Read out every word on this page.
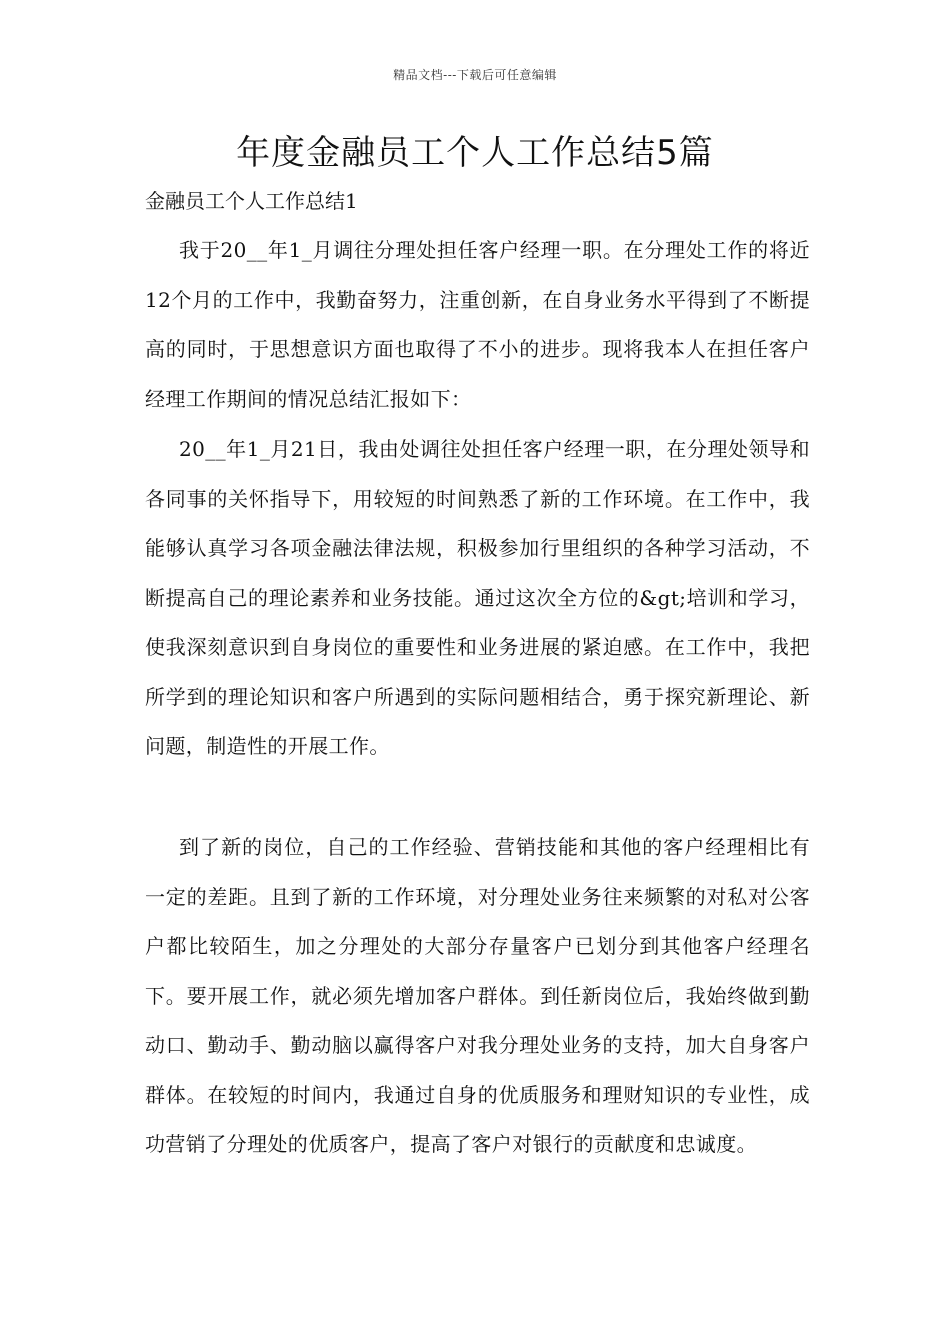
精品文档---下载后可任意编辑
年度金融员工个人工作总结5篇

金融员工个人工作总结1

我于20__年1_月调往分理处担任客户经理一职。在分理处工作的将近12个月的工作中，我勤奋努力，注重创新，在自身业务水平得到了不断提高的同时，于思想意识方面也取得了不小的进步。现将我本人在担任客户经理工作期间的情况总结汇报如下：

20__年1_月21日，我由处调往处担任客户经理一职，在分理处领导和各同事的关怀指导下，用较短的时间熟悉了新的工作环境。在工作中，我能够认真学习各项金融法律法规，积极参加行里组织的各种学习活动，不断提高自己的理论素养和业务技能。通过这次全方位的&gt;培训和学习，使我深刻意识到自身岗位的重要性和业务进展的紧迫感。在工作中，我把所学到的理论知识和客户所遇到的实际问题相结合，勇于探究新理论、新问题，制造性的开展工作。

到了新的岗位，自己的工作经验、营销技能和其他的客户经理相比有一定的差距。且到了新的工作环境，对分理处业务往来频繁的对私对公客户都比较陌生，加之分理处的大部分存量客户已划分到其他客户经理名下。要开展工作，就必须先增加客户群体。到任新岗位后，我始终做到勤动口、勤动手、勤动脑以赢得客户对我分理处业务的支持，加大自身客户群体。在较短的时间内，我通过自身的优质服务和理财知识的专业性，成功营销了分理处的优质客户，提高了客户对银行的贡献度和忠诚度。
